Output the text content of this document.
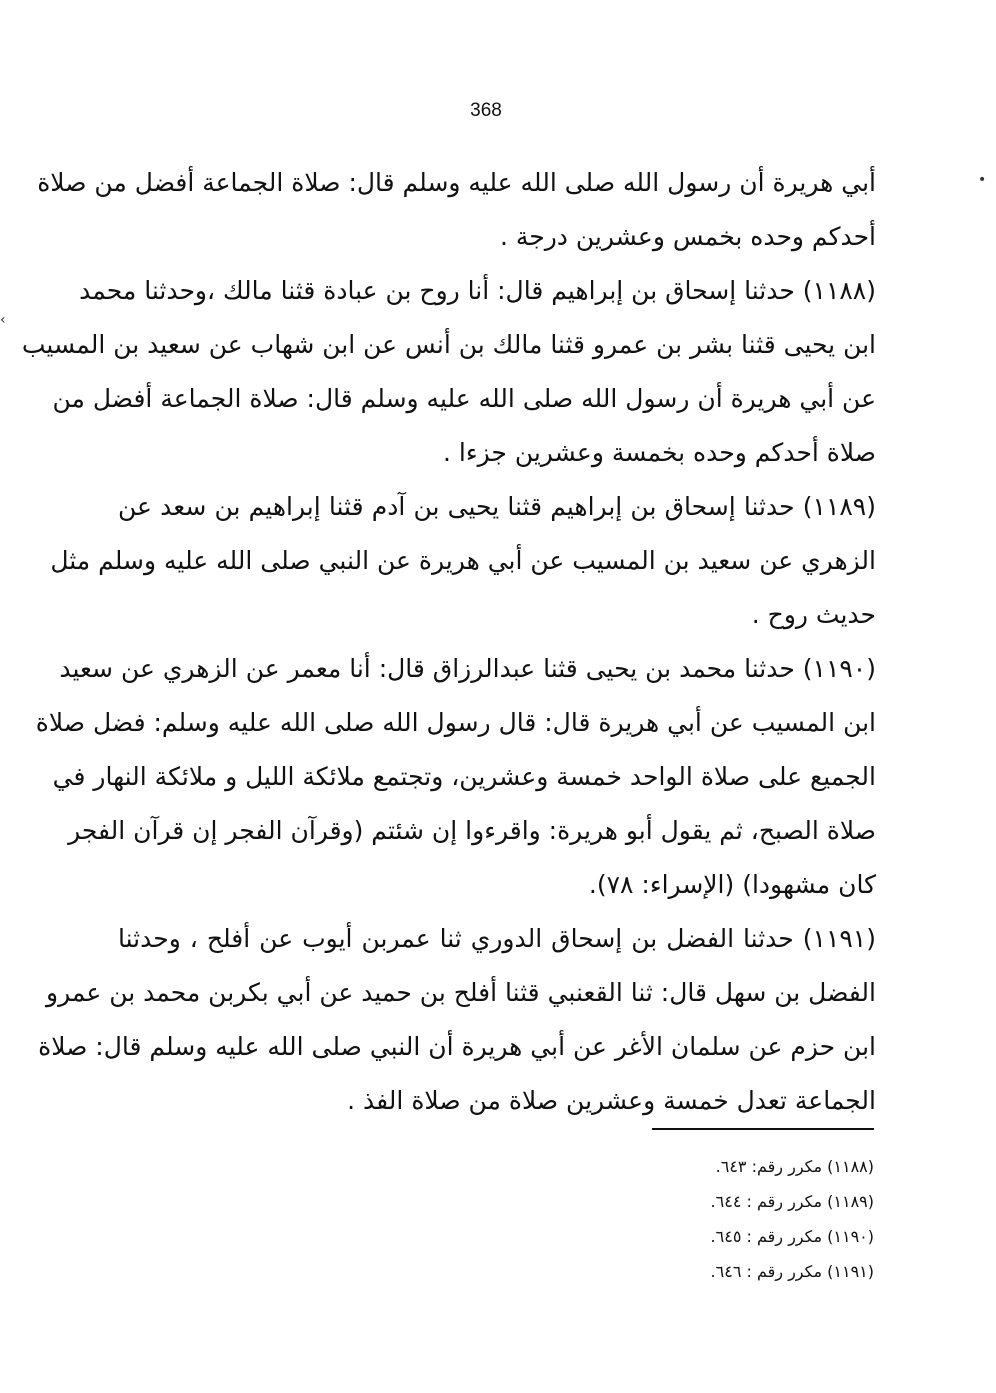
368
•
‹
أبي هريرة أن رسول الله صلى الله عليه وسلم قال: صلاة الجماعة أفضل من صلاة
أحدكم وحده بخمس وعشرين درجة .
(١١٨٨) حدثنا إسحاق بن إبراهيم قال: أنا روح بن عبادة قثنا مالك ،وحدثنا محمد
ابن يحيى قثنا بشر بن عمرو قثنا مالك بن أنس عن ابن شهاب عن سعيد بن المسيب
عن أبي هريرة أن رسول الله صلى الله عليه وسلم قال: صلاة الجماعة أفضل من
صلاة أحدكم وحده بخمسة وعشرين جزءا .
(١١٨٩) حدثنا إسحاق بن إبراهيم قثنا يحيى بن آدم قثنا إبراهيم بن سعد عن
الزهري عن سعيد بن المسيب عن أبي هريرة عن النبي صلى الله عليه وسلم مثل
حديث روح .
(١١٩٠) حدثنا محمد بن يحيى قثنا عبدالرزاق قال: أنا معمر عن الزهري عن سعيد
ابن المسيب عن أبي هريرة قال: قال رسول الله صلى الله عليه وسلم: فضل صلاة
الجميع على صلاة الواحد خمسة وعشرين، وتجتمع ملائكة الليل و ملائكة النهار في
صلاة الصبح، ثم يقول أبو هريرة: واقرءوا إن شئتم (وقرآن الفجر إن قرآن الفجر
كان مشهودا) (الإسراء: ٧٨).
(١١٩١) حدثنا الفضل بن إسحاق الدوري ثنا عمربن أيوب عن أفلح ، وحدثنا
الفضل بن سهل قال: ثنا القعنبي قثنا أفلح بن حميد عن أبي بكربن محمد بن عمرو
ابن حزم عن سلمان الأغر عن أبي هريرة أن النبي صلى الله عليه وسلم قال: صلاة
الجماعة تعدل خمسة وعشرين صلاة من صلاة الفذ .
(١١٨٨) مكرر رقم: ٦٤٣.
(١١٨٩) مكرر رقم : ٦٤٤.
(١١٩٠) مكرر رقم : ٦٤٥.
(١١٩١) مكرر رقم : ٦٤٦.
